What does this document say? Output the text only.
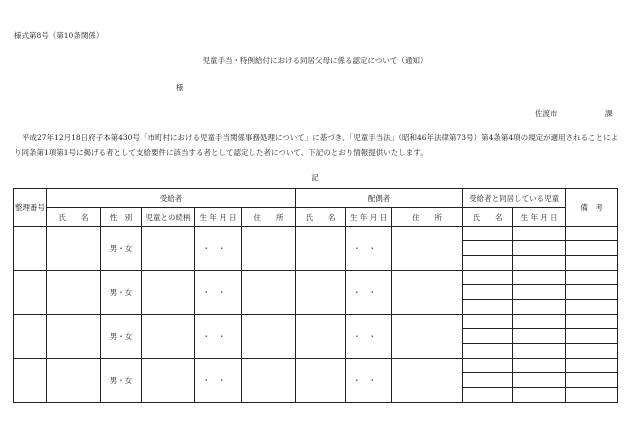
様式第8号（第10条関係）
児童手当・特例給付における同居父母に係る認定について（通知）
様
佐渡市	課
平成27年12月18日府子本第430号「市町村における児童手当関係事務処理について」に基づき、「児童手当法」（昭和46年法律第73号）第4条第4項の規定が適用されることにより同条第1項第1号に掲げる者として支給要件に該当する者として認定した者について、下記のとおり情報提供いたします。
記
整理番号	受給者					配偶者			受給者と同居している児童		備　考
	氏　　名	性　別	児童との続柄	生 年 月 日	住　　所	氏　　名	生 年 月 日	住　　所	氏　　名	生 年 月 日	
		男・女		・・			・・		

		男・女		・・			・・		

		男・女		・・			・・		

		男・女		・・			・・		
